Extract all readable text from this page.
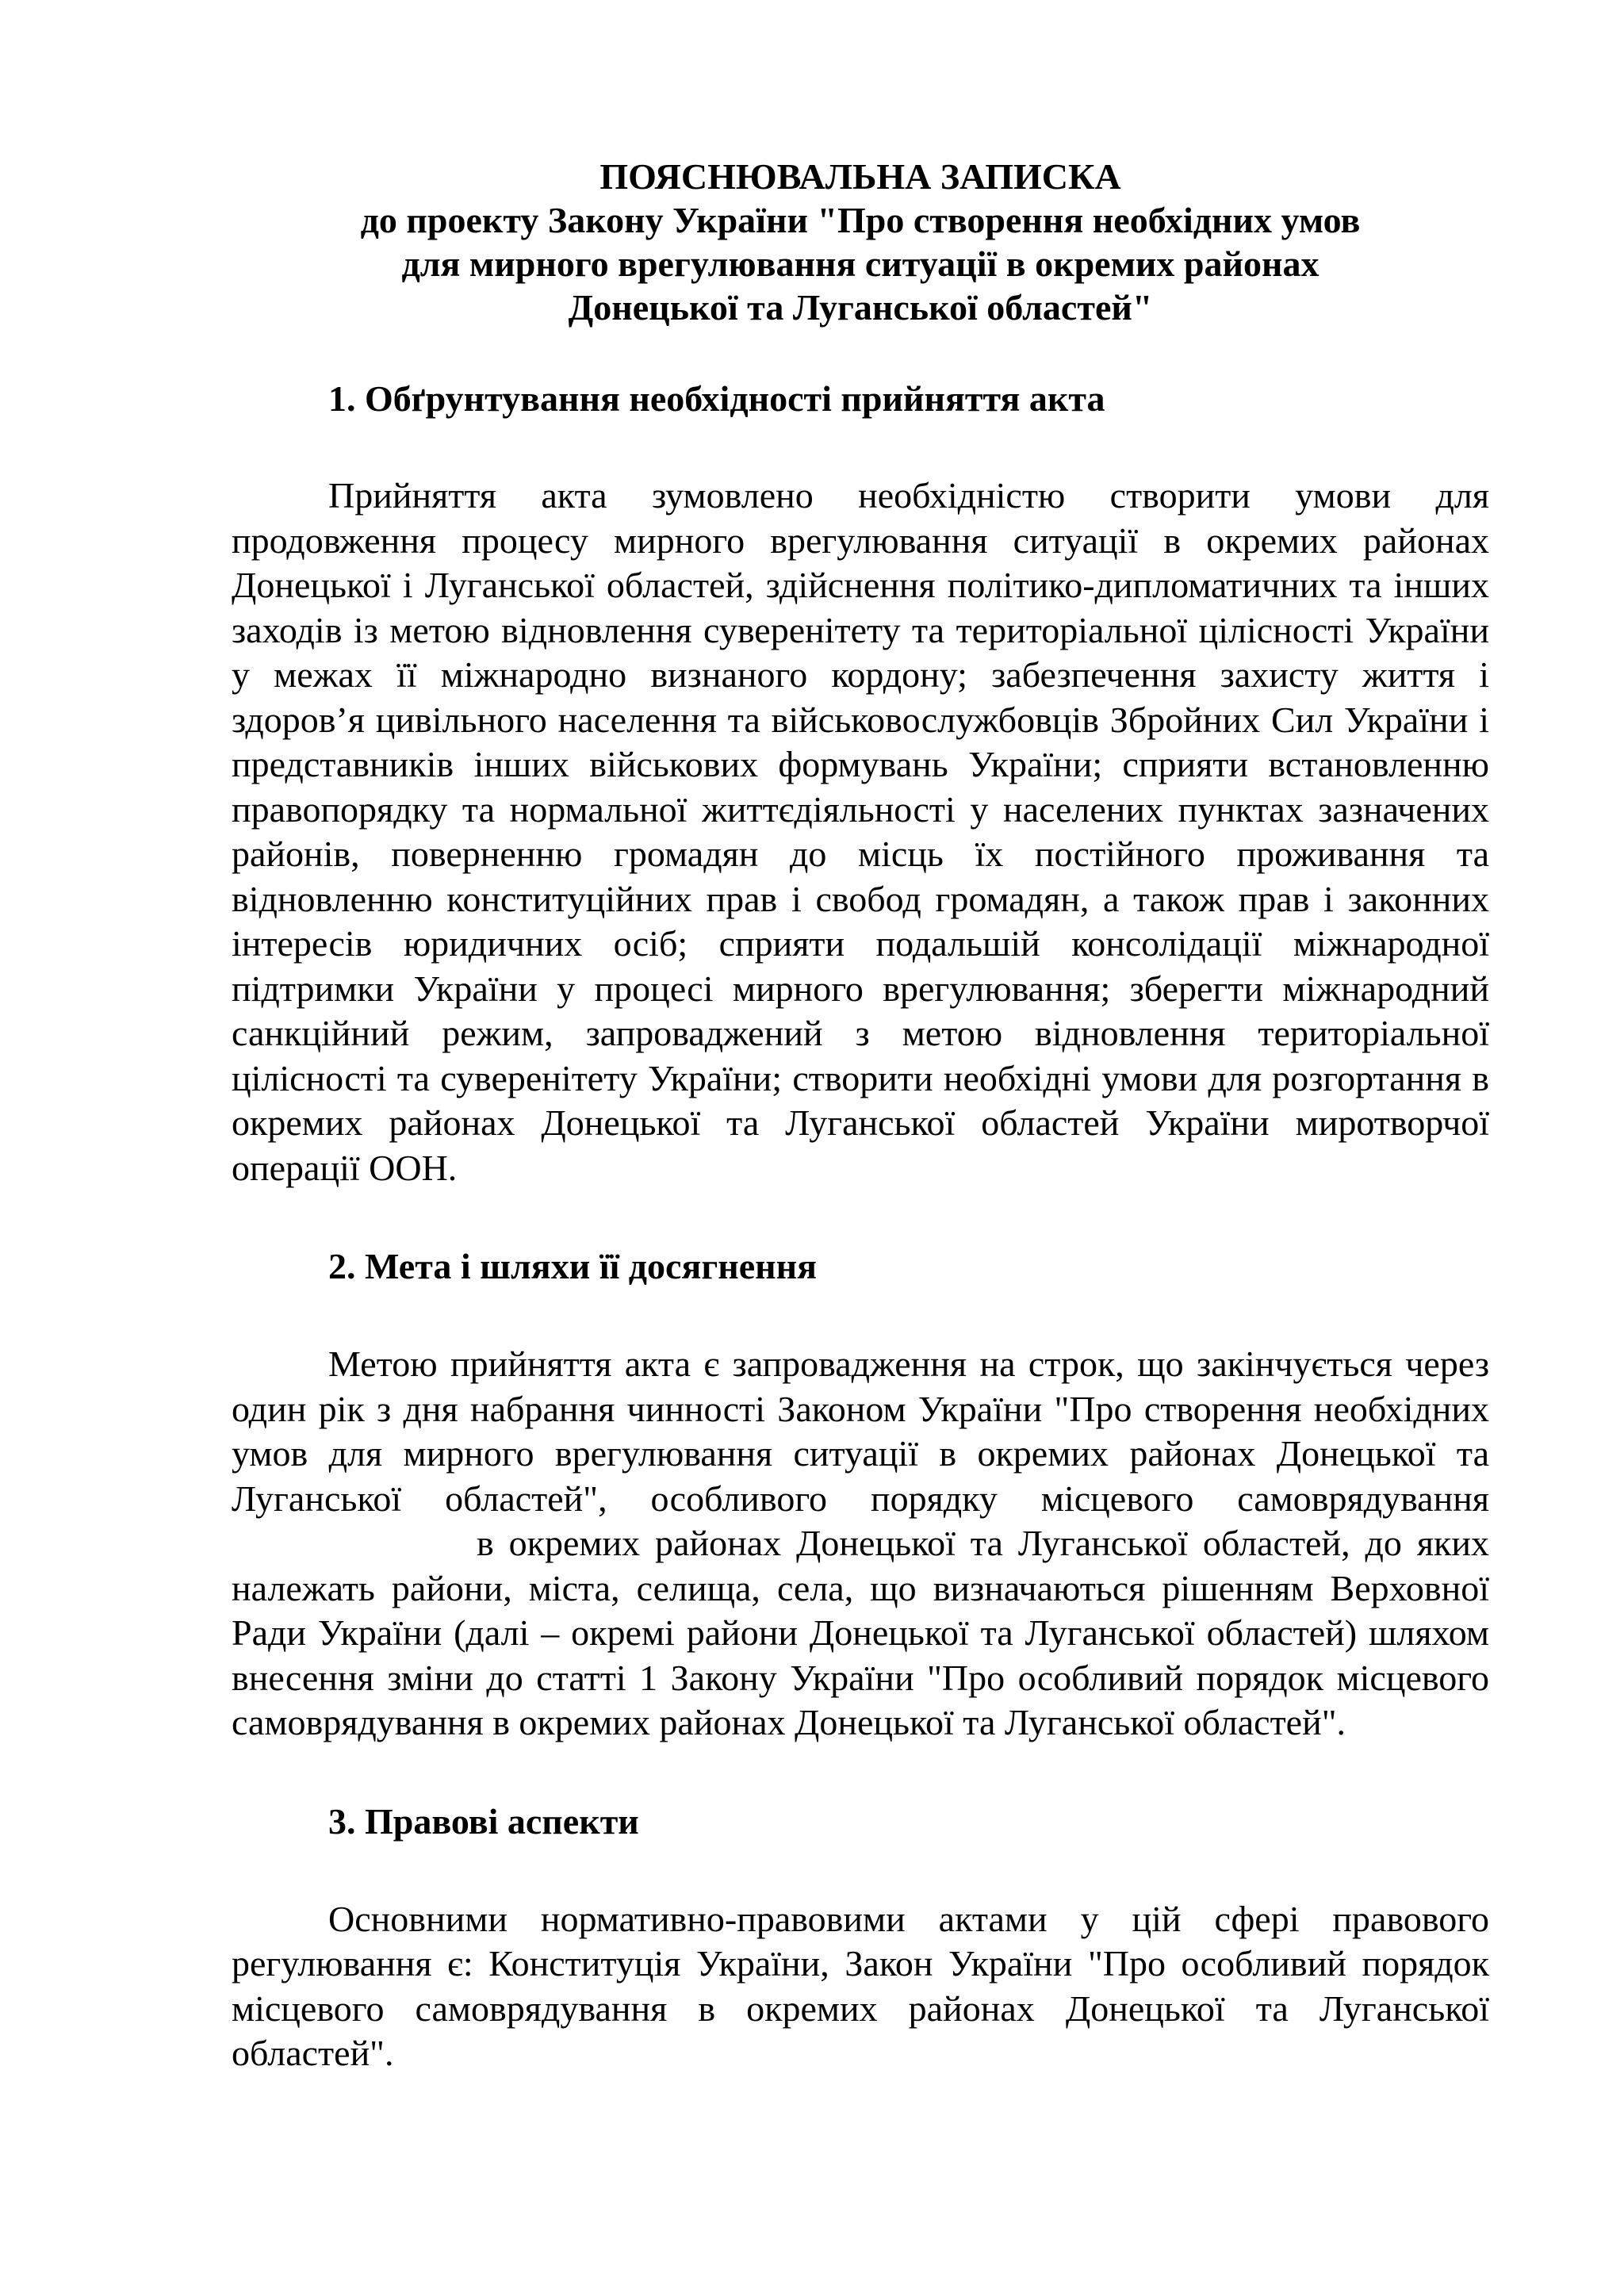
ПОЯСНЮВАЛЬНА ЗАПИСКА
до проекту Закону України "Про створення необхідних умов
для мирного врегулювання ситуації в окремих районах
Донецької та Луганської областей"
1. Обґрунтування необхідності прийняття акта

Прийняття акта зумовлено необхідністю створити умови для продовження процесу мирного врегулювання ситуації в окремих районах Донецької і Луганської областей, здійснення політико-дипломатичних та інших заходів із метою відновлення суверенітету та територіальної цілісності України у межах її міжнародно визнаного кордону; забезпечення захисту життя і здоров’я цивільного населення та військовослужбовців Збройних Сил України і представників інших військових формувань України; сприяти встановленню правопорядку та нормальної життєдіяльності у населених пунктах зазначених районів, поверненню громадян до місць їх постійного проживання та відновленню конституційних прав і свобод громадян, а також прав і законних інтересів юридичних осіб; сприяти подальшій консолідації міжнародної підтримки України у процесі мирного врегулювання; зберегти міжнародний санкційний режим, запроваджений з метою відновлення територіальної цілісності та суверенітету України; створити необхідні умови для розгортання в окремих районах Донецької та Луганської областей України миротворчої операції ООН.

2. Мета і шляхи її досягнення

Метою прийняття акта є запровадження на строк, що закінчується через один рік з дня набрання чинності Законом України "Про створення необхідних умов для мирного врегулювання ситуації в окремих районах Донецької та Луганської областей", особливого порядку місцевого самоврядування  в окремих районах Донецької та Луганської областей, до яких належать райони, міста, селища, села, що визначаються рішенням Верховної Ради України (далі – окремі райони Донецької та Луганської областей) шляхом внесення зміни до статті 1 Закону України "Про особливий порядок місцевого самоврядування в окремих районах Донецької та Луганської областей".

3. Правові аспекти

Основними нормативно-правовими актами у цій сфері правового регулювання є: Конституція України, Закон України "Про особливий порядок місцевого самоврядування в окремих районах Донецької та Луганської областей".
